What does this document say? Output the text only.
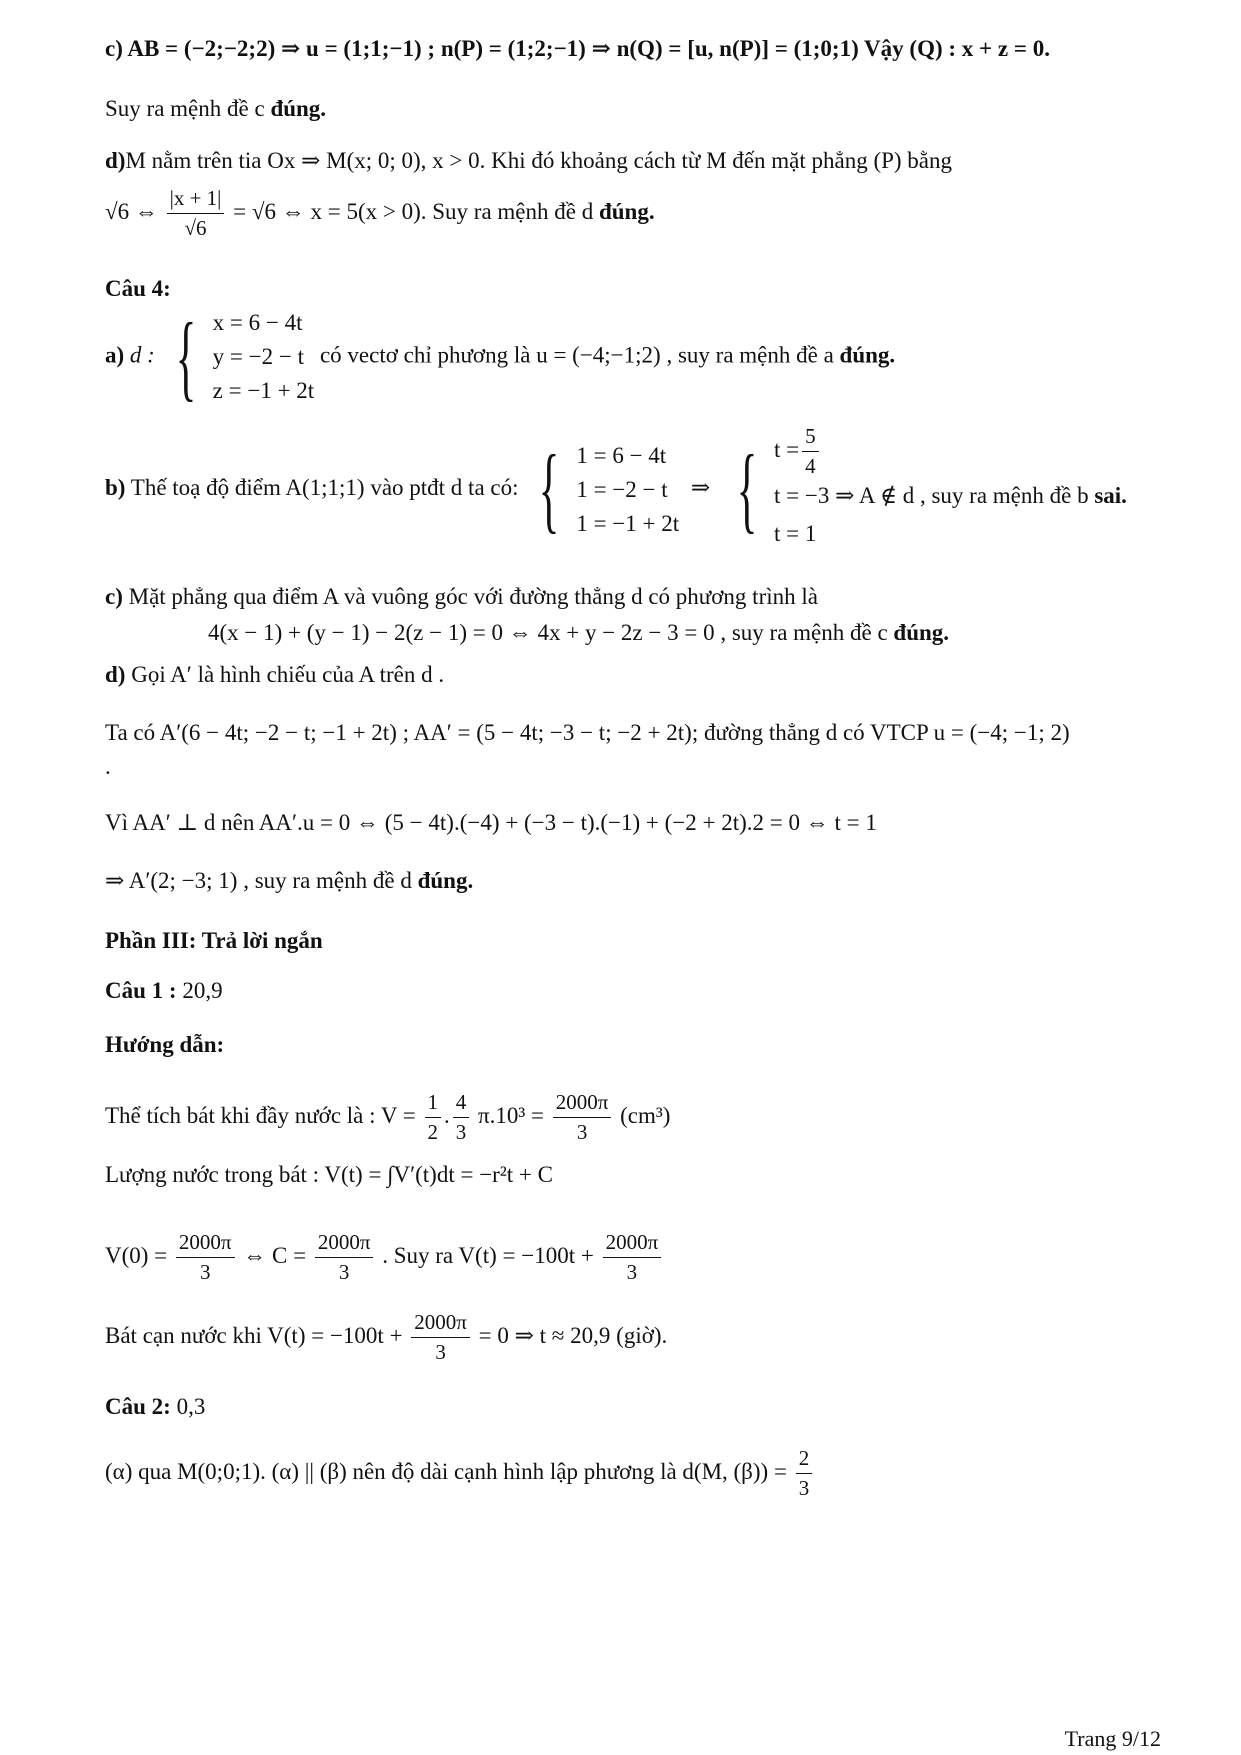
c) AB = (−2;−2;2) ⇒ u = (1;1;−1) ; n(P) = (1;2;−1) ⇒ n(Q) = [u, n(P)] = (1;0;1) Vậy (Q) : x + z = 0.
Suy ra mệnh đề c đúng.
d)M nằm trên tia Ox ⇒ M(x; 0; 0), x > 0. Khi đó khoảng cách từ M đến mặt phẳng (P) bằng
√6 ⇔ $\frac{|x + 1|}{√6} = √6$ ⇔ x = 5(x > 0). Suy ra mệnh đề d đúng.
Câu 4:
a) d : { x = 6 − 4t
y = −2 − t
z = −1 + 2t
có vectơ chỉ phương là u = (−4;−1;2) , suy ra mệnh đề a đúng.
b) Thế toạ độ điểm A(1;1;1) vào ptđt d ta có: { 1 = 6 − 4t
1 = −2 − t
1 = −1 + 2t
⇒ { $t = \frac{5}{4}$
t = −3 ⇒ A ∉ d , suy ra mệnh đề b sai.
t = 1
c) Mặt phẳng qua điểm A và vuông góc với đường thẳng d có phương trình là
4(x − 1) + (y − 1) − 2(z − 1) = 0 ⇔ 4x + y − 2z − 3 = 0 , suy ra mệnh đề c đúng.
d) Gọi A′ là hình chiếu của A trên d .
Ta có A′(6 − 4t; −2 − t; −1 + 2t) ; AA′ = (5 − 4t; −3 − t; −2 + 2t); đường thẳng d có VTCP u = (−4; −1; 2)
.
Vì AA′ ⊥ d nên AA′.u = 0 ⇔ (5 − 4t).(−4) + (−3 − t).(−1) + (−2 + 2t).2 = 0 ⇔ t = 1
⇒ A′(2; −3; 1) , suy ra mệnh đề d đúng.
Phần III: Trả lời ngắn
Câu 1 : 20,9
Hướng dẫn:
Thể tích bát khi đầy nước là : $V = \frac{1}{2}$ . $\frac{4}{3} \pi.10^3 = \frac{2000\pi}{3} (cm^3)$
Lượng nước trong bát : V(t) = ∫V′(t)dt = −r²t + C
$V(0) = \frac{2000\pi}{3}$ ⇔ $C = \frac{2000\pi}{3}$ . Suy ra $V(t) = -100t + \frac{2000\pi}{3}$
Bát cạn nước khi $V(t) = -100t + \frac{2000\pi}{3} = 0$ ⇒ t ≈ 20,9 (giờ).
Câu 2: 0,3
(α) qua M(0;0;1). (α) || (β) nên độ dài cạnh hình lập phương là d(M, $(\beta)) = \frac{2}{3}$
Trang 9/12
